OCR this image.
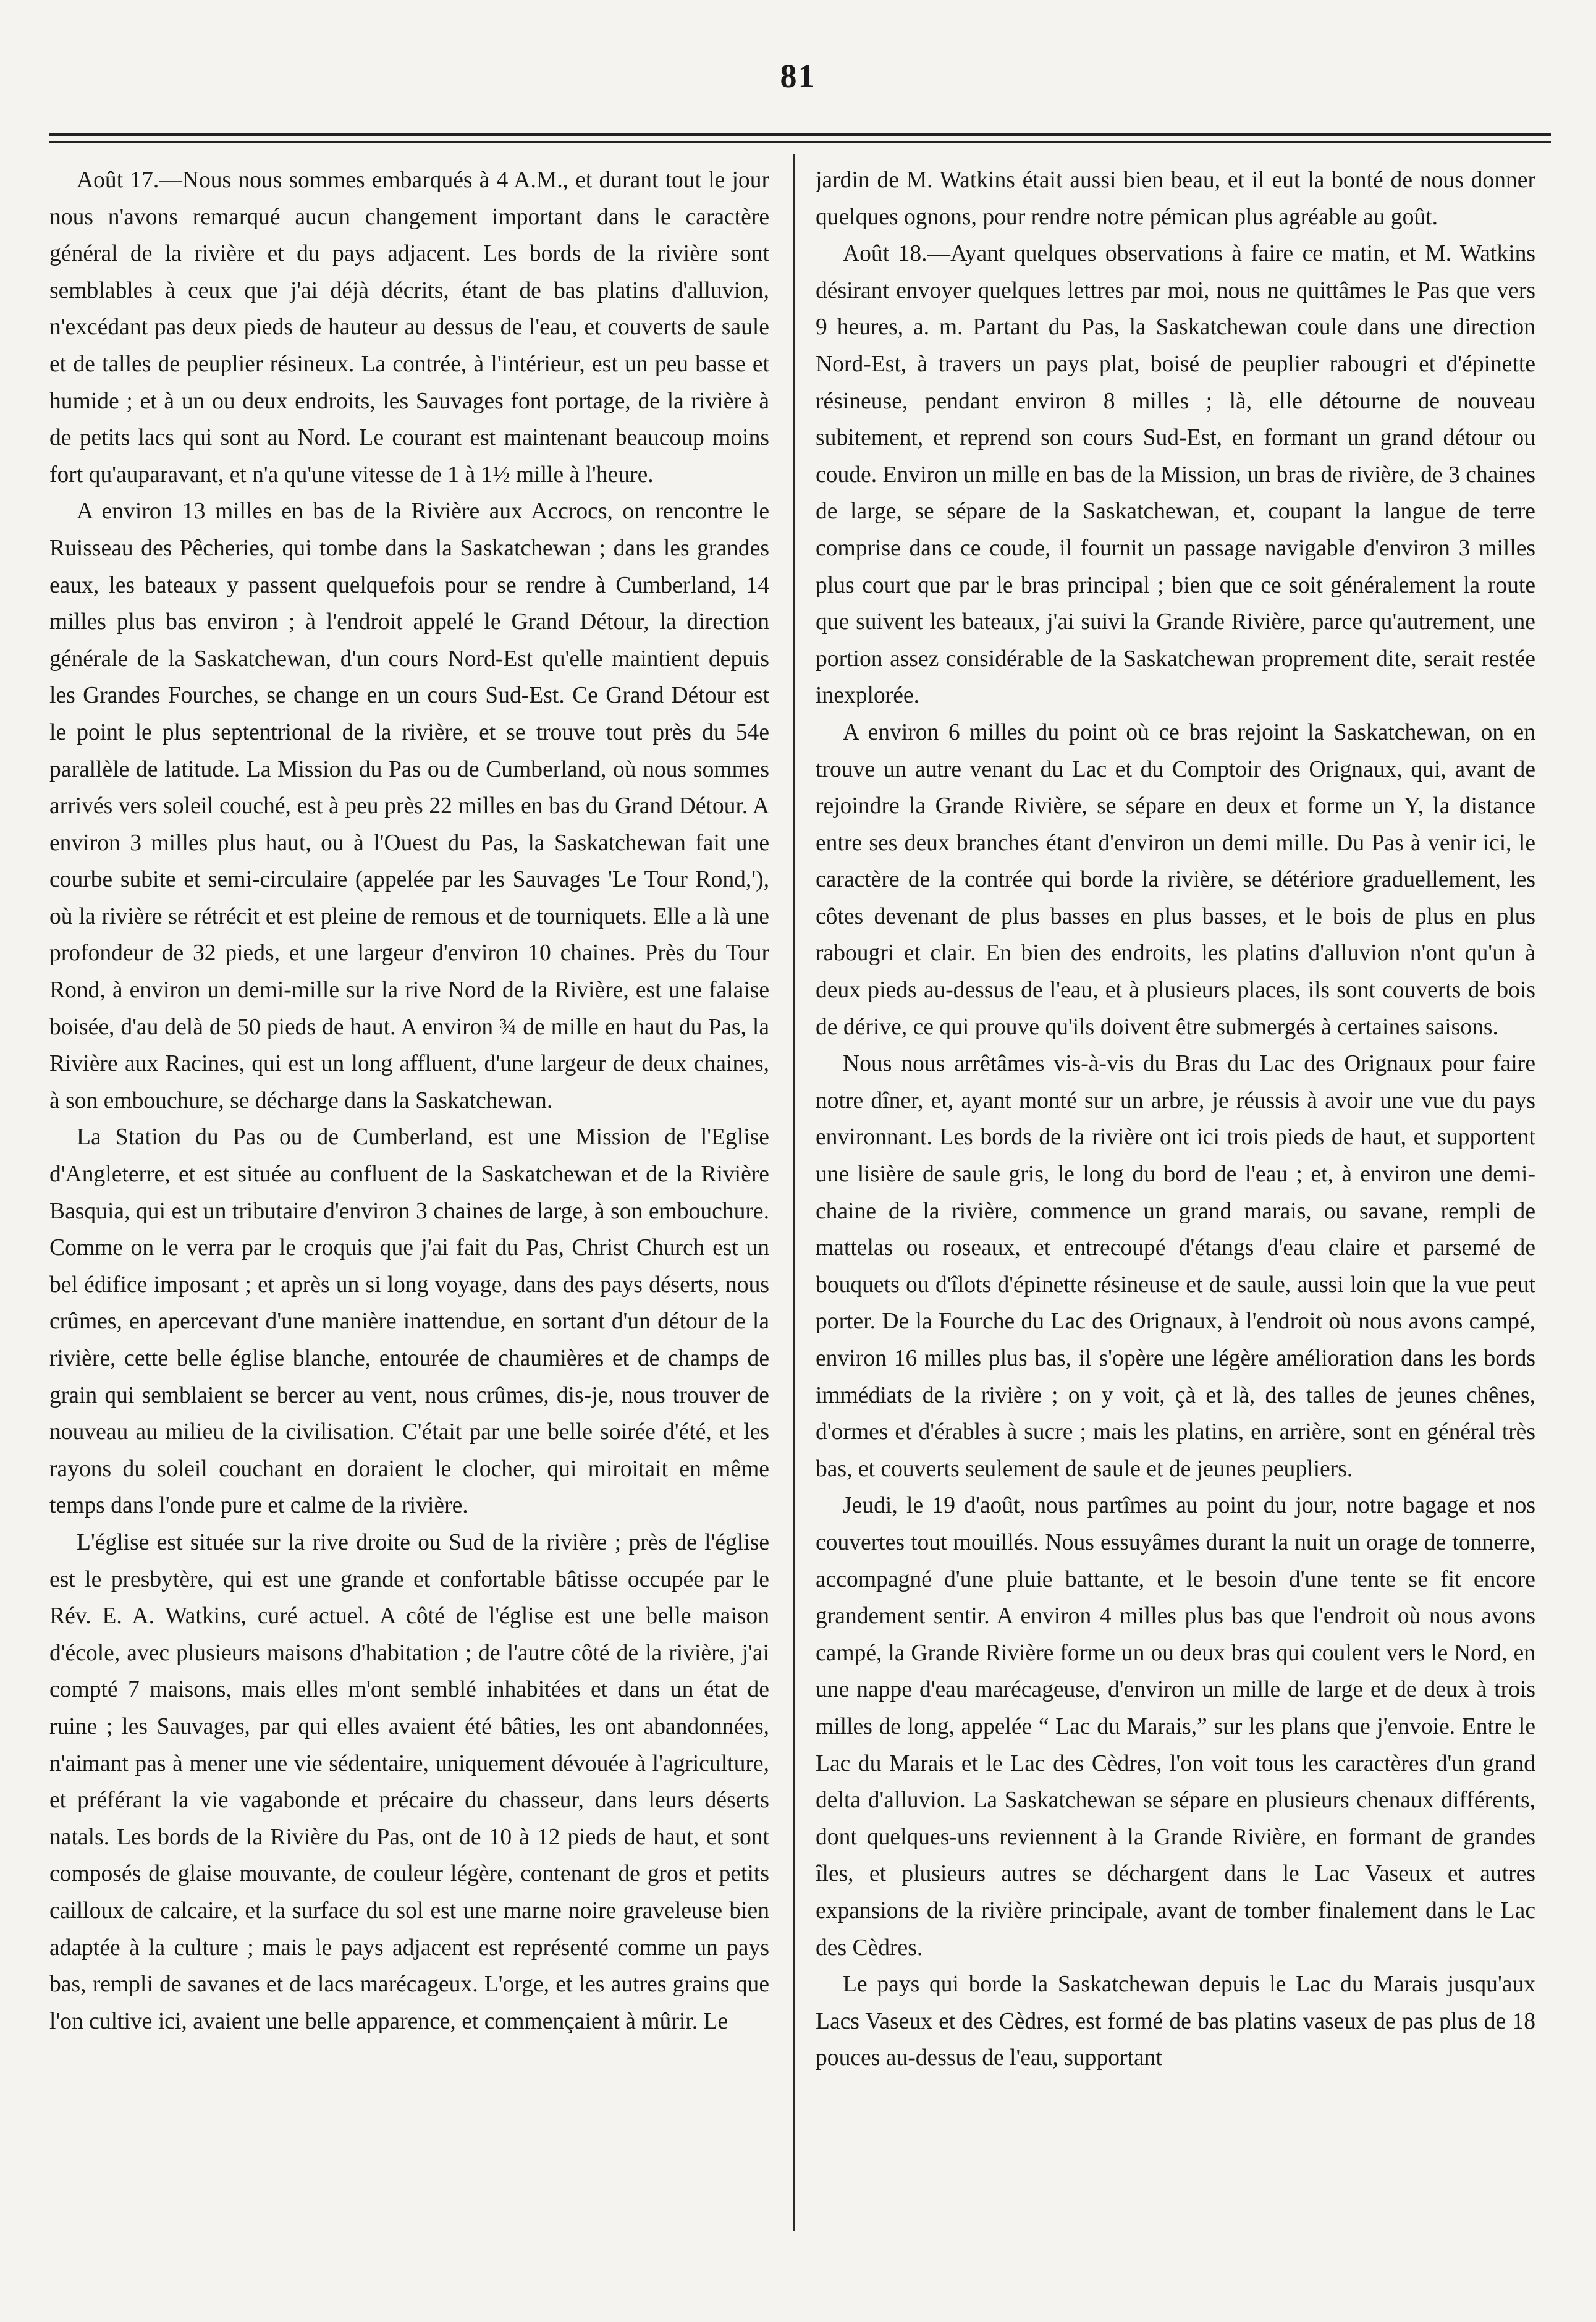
81

Août 17.—Nous nous sommes embarqués à 4 A.M., et durant tout le jour nous n'avons remarqué aucun changement important dans le caractère général de la rivière et du pays adjacent. Les bords de la rivière sont semblables à ceux que j'ai déjà décrits, étant de bas platins d'alluvion, n'excédant pas deux pieds de hauteur au dessus de l'eau, et couverts de saule et de talles de peuplier résineux. La contrée, à l'intérieur, est un peu basse et humide ; et à un ou deux endroits, les Sauvages font portage, de la rivière à de petits lacs qui sont au Nord. Le courant est maintenant beaucoup moins fort qu'auparavant, et n'a qu'une vitesse de 1 à 1½ mille à l'heure.

A environ 13 milles en bas de la Rivière aux Accrocs, on rencontre le Ruisseau des Pêcheries, qui tombe dans la Saskatchewan ; dans les grandes eaux, les bateaux y passent quelquefois pour se rendre à Cumberland, 14 milles plus bas environ ; à l'endroit appelé le Grand Détour, la direction générale de la Saskatchewan, d'un cours Nord-Est qu'elle maintient depuis les Grandes Fourches, se change en un cours Sud-Est. Ce Grand Détour est le point le plus septentrional de la rivière, et se trouve tout près du 54e parallèle de latitude. La Mission du Pas ou de Cumberland, où nous sommes arrivés vers soleil couché, est à peu près 22 milles en bas du Grand Détour. A environ 3 milles plus haut, ou à l'Ouest du Pas, la Saskatchewan fait une courbe subite et semi-circulaire (appelée par les Sauvages 'Le Tour Rond,'), où la rivière se rétrécit et est pleine de remous et de tourniquets. Elle a là une profondeur de 32 pieds, et une largeur d'environ 10 chaines. Près du Tour Rond, à environ un demi-mille sur la rive Nord de la Rivière, est une falaise boisée, d'au delà de 50 pieds de haut. A environ ¾ de mille en haut du Pas, la Rivière aux Racines, qui est un long affluent, d'une largeur de deux chaines, à son embouchure, se décharge dans la Saskatchewan.

La Station du Pas ou de Cumberland, est une Mission de l'Eglise d'Angleterre, et est située au confluent de la Saskatchewan et de la Rivière Basquia, qui est un tributaire d'environ 3 chaines de large, à son embouchure. Comme on le verra par le croquis que j'ai fait du Pas, Christ Church est un bel édifice imposant ; et après un si long voyage, dans des pays déserts, nous crûmes, en apercevant d'une manière inattendue, en sortant d'un détour de la rivière, cette belle église blanche, entourée de chaumières et de champs de grain qui semblaient se bercer au vent, nous crûmes, dis-je, nous trouver de nouveau au milieu de la civilisation. C'était par une belle soirée d'été, et les rayons du soleil couchant en doraient le clocher, qui miroitait en même temps dans l'onde pure et calme de la rivière.

L'église est située sur la rive droite ou Sud de la rivière ; près de l'église est le presbytère, qui est une grande et confortable bâtisse occupée par le Rév. E. A. Watkins, curé actuel. A côté de l'église est une belle maison d'école, avec plusieurs maisons d'habitation ; de l'autre côté de la rivière, j'ai compté 7 maisons, mais elles m'ont semblé inhabitées et dans un état de ruine ; les Sauvages, par qui elles avaient été bâties, les ont abandonnées, n'aimant pas à mener une vie sédentaire, uniquement dévouée à l'agriculture, et préférant la vie vagabonde et précaire du chasseur, dans leurs déserts natals. Les bords de la Rivière du Pas, ont de 10 à 12 pieds de haut, et sont composés de glaise mouvante, de couleur légère, contenant de gros et petits cailloux de calcaire, et la surface du sol est une marne noire graveleuse bien adaptée à la culture ; mais le pays adjacent est représenté comme un pays bas, rempli de savanes et de lacs marécageux. L'orge, et les autres grains que l'on cultive ici, avaient une belle apparence, et commençaient à mûrir. Le

jardin de M. Watkins était aussi bien beau, et il eut la bonté de nous donner quelques ognons, pour rendre notre pémican plus agréable au goût.

Août 18.—Ayant quelques observations à faire ce matin, et M. Watkins désirant envoyer quelques lettres par moi, nous ne quittâmes le Pas que vers 9 heures, a. m. Partant du Pas, la Saskatchewan coule dans une direction Nord-Est, à travers un pays plat, boisé de peuplier rabougri et d'épinette résineuse, pendant environ 8 milles ; là, elle détourne de nouveau subitement, et reprend son cours Sud-Est, en formant un grand détour ou coude. Environ un mille en bas de la Mission, un bras de rivière, de 3 chaines de large, se sépare de la Saskatchewan, et, coupant la langue de terre comprise dans ce coude, il fournit un passage navigable d'environ 3 milles plus court que par le bras principal ; bien que ce soit généralement la route que suivent les bateaux, j'ai suivi la Grande Rivière, parce qu'autrement, une portion assez considérable de la Saskatchewan proprement dite, serait restée inexplorée.

A environ 6 milles du point où ce bras rejoint la Saskatchewan, on en trouve un autre venant du Lac et du Comptoir des Orignaux, qui, avant de rejoindre la Grande Rivière, se sépare en deux et forme un Y, la distance entre ses deux branches étant d'environ un demi mille. Du Pas à venir ici, le caractère de la contrée qui borde la rivière, se détériore graduellement, les côtes devenant de plus basses en plus basses, et le bois de plus en plus rabougri et clair. En bien des endroits, les platins d'alluvion n'ont qu'un à deux pieds au-dessus de l'eau, et à plusieurs places, ils sont couverts de bois de dérive, ce qui prouve qu'ils doivent être submergés à certaines saisons.

Nous nous arrêtâmes vis-à-vis du Bras du Lac des Orignaux pour faire notre dîner, et, ayant monté sur un arbre, je réussis à avoir une vue du pays environnant. Les bords de la rivière ont ici trois pieds de haut, et supportent une lisière de saule gris, le long du bord de l'eau ; et, à environ une demi-chaine de la rivière, commence un grand marais, ou savane, rempli de mattelas ou roseaux, et entrecoupé d'étangs d'eau claire et parsemé de bouquets ou d'îlots d'épinette résineuse et de saule, aussi loin que la vue peut porter. De la Fourche du Lac des Orignaux, à l'endroit où nous avons campé, environ 16 milles plus bas, il s'opère une légère amélioration dans les bords immédiats de la rivière ; on y voit, çà et là, des talles de jeunes chênes, d'ormes et d'érables à sucre ; mais les platins, en arrière, sont en général très bas, et couverts seulement de saule et de jeunes peupliers.

Jeudi, le 19 d'août, nous partîmes au point du jour, notre bagage et nos couvertes tout mouillés. Nous essuyâmes durant la nuit un orage de tonnerre, accompagné d'une pluie battante, et le besoin d'une tente se fit encore grandement sentir. A environ 4 milles plus bas que l'endroit où nous avons campé, la Grande Rivière forme un ou deux bras qui coulent vers le Nord, en une nappe d'eau marécageuse, d'environ un mille de large et de deux à trois milles de long, appelée “ Lac du Marais,” sur les plans que j'envoie. Entre le Lac du Marais et le Lac des Cèdres, l'on voit tous les caractères d'un grand delta d'alluvion. La Saskatchewan se sépare en plusieurs chenaux différents, dont quelques-uns reviennent à la Grande Rivière, en formant de grandes îles, et plusieurs autres se déchargent dans le Lac Vaseux et autres expansions de la rivière principale, avant de tomber finalement dans le Lac des Cèdres.

Le pays qui borde la Saskatchewan depuis le Lac du Marais jusqu'aux Lacs Vaseux et des Cèdres, est formé de bas platins vaseux de pas plus de 18 pouces au-dessus de l'eau, supportant
